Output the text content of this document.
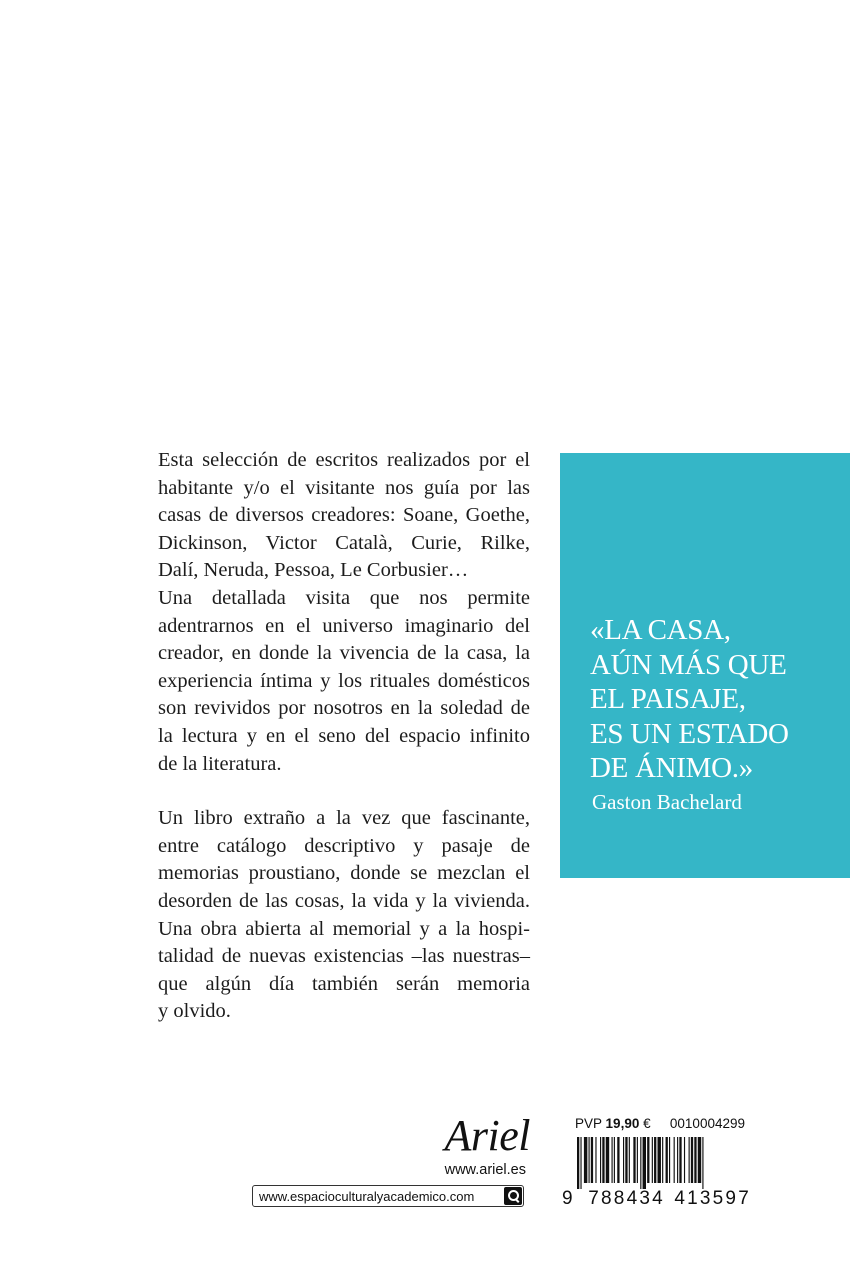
Esta selección de escritos realizados por el
habitante y/o el visitante nos guía por las
casas de diversos creadores: Soane, Goethe,
Dickinson, Victor Català, Curie, Rilke,
Dalí, Neruda, Pessoa, Le Corbusier…
Una detallada visita que nos permite
adentrarnos en el universo imaginario del
creador, en donde la vivencia de la casa, la
experiencia íntima y los rituales domésticos
son revividos por nosotros en la soledad de
la lectura y en el seno del espacio infinito
de la literatura.

Un libro extraño a la vez que fascinante,
entre catálogo descriptivo y pasaje de
memorias proustiano, donde se mezclan el
desorden de las cosas, la vida y la vivienda.
Una obra abierta al memorial y a la hospi-
talidad de nuevas existencias –las nuestras–
que algún día también serán memoria
y olvido.

«LA CASA,
AÚN MÁS QUE
EL PAISAJE,
ES UN ESTADO
DE ÁNIMO.»
Gaston Bachelard
Ariel
www.ariel.es
www.espacioculturalyacademico.com
PVP 19,90 € 0010004299
9 788434 413597
